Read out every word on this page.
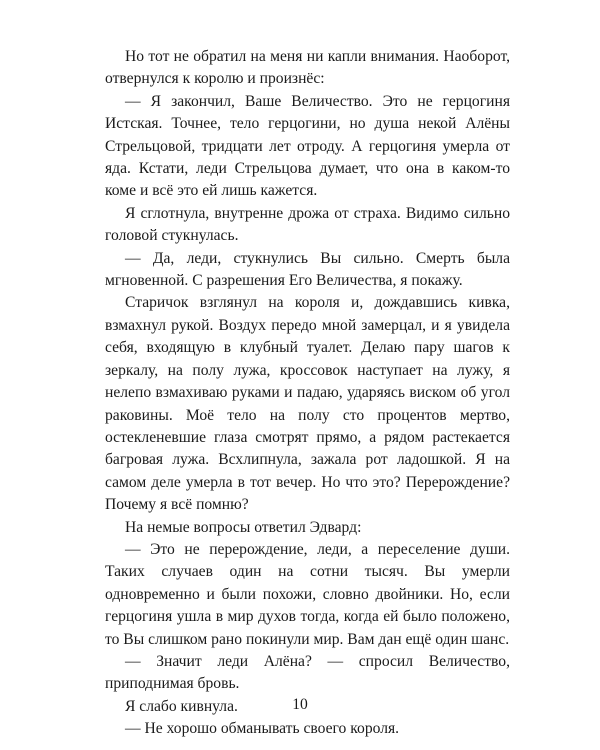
Но тот не обратил на меня ни капли внимания. Наоборот, отвернулся к королю и произнёс:

— Я закончил, Ваше Величество. Это не герцогиня Истская. Точнее, тело герцогини, но душа некой Алёны Стрельцовой, тридцати лет отроду. А герцогиня умерла от яда. Кстати, леди Стрельцова думает, что она в каком-то коме и всё это ей лишь кажется.

Я сглотнула, внутренне дрожа от страха. Видимо сильно головой стукнулась.

— Да, леди, стукнулись Вы сильно. Смерть была мгновенной. С разрешения Его Величества, я покажу.

Старичок взглянул на короля и, дождавшись кивка, взмахнул рукой. Воздух передо мной замерцал, и я увидела себя, входящую в клубный туалет. Делаю пару шагов к зеркалу, на полу лужа, кроссовок наступает на лужу, я нелепо взмахиваю руками и падаю, ударяясь виском об угол раковины. Моё тело на полу сто процентов мертво, остекленевшие глаза смотрят прямо, а рядом растекается багровая лужа. Всхлипнула, зажала рот ладошкой. Я на самом деле умерла в тот вечер. Но что это? Перерождение? Почему я всё помню?

На немые вопросы ответил Эдвард:

— Это не перерождение, леди, а переселение души. Таких случаев один на сотни тысяч. Вы умерли одновременно и были похожи, словно двойники. Но, если герцогиня ушла в мир духов тогда, когда ей было положено, то Вы слишком рано покинули мир. Вам дан ещё один шанс.

— Значит леди Алёна? — спросил Величество, приподнимая бровь.

Я слабо кивнула.

— Не хорошо обманывать своего короля.

10
